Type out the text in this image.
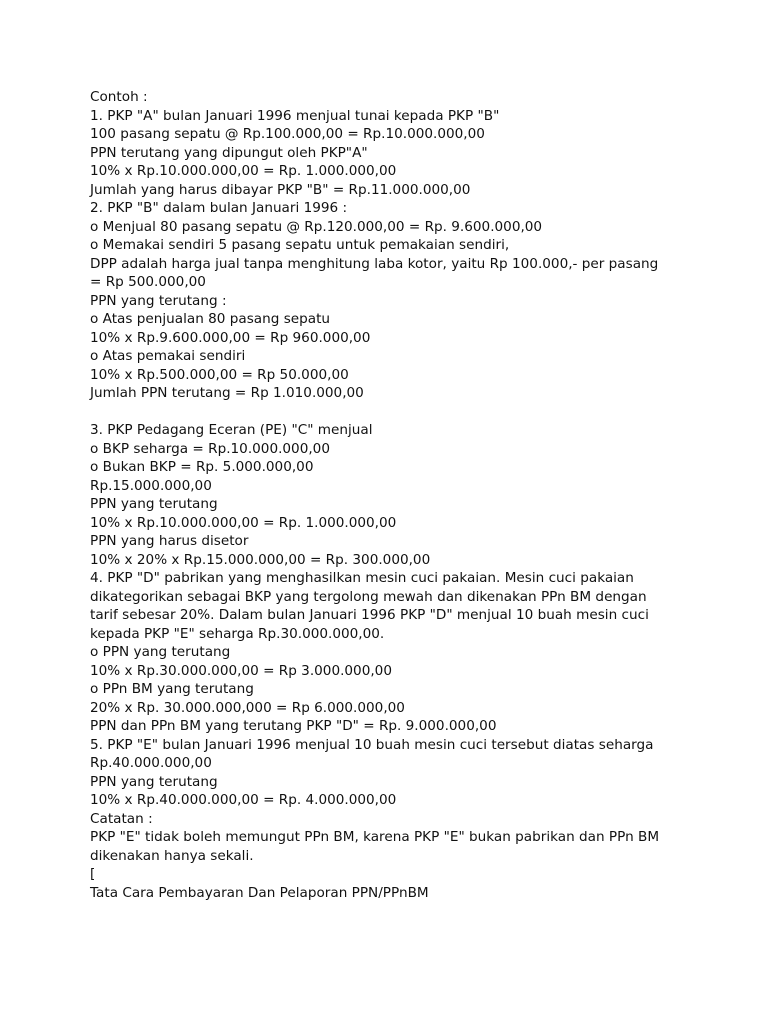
Contoh :
1. PKP "A" bulan Januari 1996 menjual tunai kepada PKP "B"
100 pasang sepatu @ Rp.100.000,00 = Rp.10.000.000,00
PPN terutang yang dipungut oleh PKP"A"
10% x Rp.10.000.000,00 = Rp. 1.000.000,00
Jumlah yang harus dibayar PKP "B" = Rp.11.000.000,00
2. PKP "B" dalam bulan Januari 1996 :
o Menjual 80 pasang sepatu @ Rp.120.000,00 = Rp. 9.600.000,00
o Memakai sendiri 5 pasang sepatu untuk pemakaian sendiri,
DPP adalah harga jual tanpa menghitung laba kotor, yaitu Rp 100.000,- per pasang
= Rp 500.000,00
PPN yang terutang :
o Atas penjualan 80 pasang sepatu
10% x Rp.9.600.000,00 = Rp 960.000,00
o Atas pemakai sendiri
10% x Rp.500.000,00 = Rp 50.000,00
Jumlah PPN terutang = Rp 1.010.000,00
3. PKP Pedagang Eceran (PE) "C" menjual
o BKP seharga = Rp.10.000.000,00
o Bukan BKP = Rp. 5.000.000,00
Rp.15.000.000,00
PPN yang terutang
10% x Rp.10.000.000,00 = Rp. 1.000.000,00
PPN yang harus disetor
10% x 20% x Rp.15.000.000,00 = Rp. 300.000,00
4. PKP "D" pabrikan yang menghasilkan mesin cuci pakaian. Mesin cuci pakaian
dikategorikan sebagai BKP yang tergolong mewah dan dikenakan PPn BM dengan
tarif sebesar 20%. Dalam bulan Januari 1996 PKP "D" menjual 10 buah mesin cuci
kepada PKP "E" seharga Rp.30.000.000,00.
o PPN yang terutang
10% x Rp.30.000.000,00 = Rp 3.000.000,00
o PPn BM yang terutang
20% x Rp. 30.000.000,000 = Rp 6.000.000,00
PPN dan PPn BM yang terutang PKP "D" = Rp. 9.000.000,00
5. PKP "E" bulan Januari 1996 menjual 10 buah mesin cuci tersebut diatas seharga
Rp.40.000.000,00
PPN yang terutang
10% x Rp.40.000.000,00 = Rp. 4.000.000,00
Catatan :
PKP "E" tidak boleh memungut PPn BM, karena PKP "E" bukan pabrikan dan PPn BM
dikenakan hanya sekali.
[
Tata Cara Pembayaran Dan Pelaporan PPN/PPnBM
